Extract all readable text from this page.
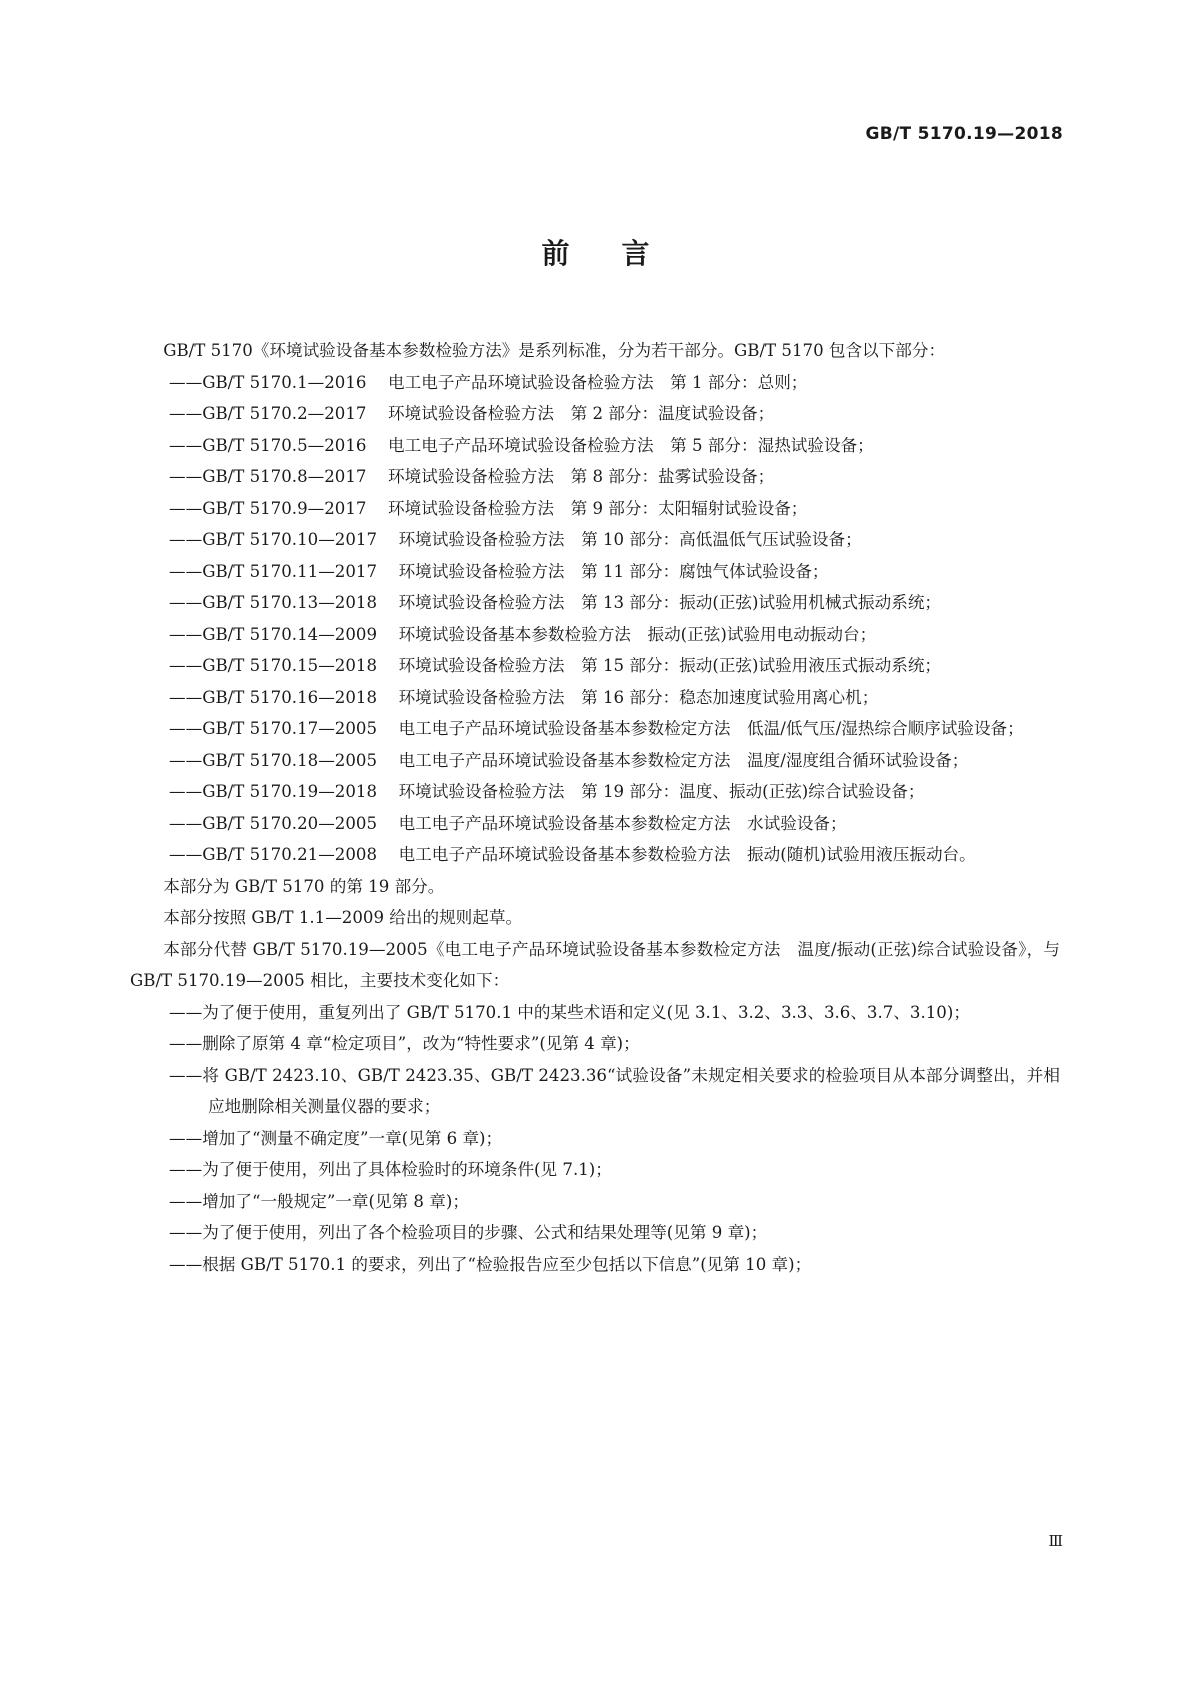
GB/T 5170.19—2018
前言

GB/T 5170《环境试验设备基本参数检验方法》是系列标准，分为若干部分。GB/T 5170 包含以下部分：

——GB/T 5170.1—2016 电工电子产品环境试验设备检验方法　第 1 部分：总则；

——GB/T 5170.2—2017 环境试验设备检验方法　第 2 部分：温度试验设备；

——GB/T 5170.5—2016 电工电子产品环境试验设备检验方法　第 5 部分：湿热试验设备；

——GB/T 5170.8—2017 环境试验设备检验方法　第 8 部分：盐雾试验设备；

——GB/T 5170.9—2017 环境试验设备检验方法　第 9 部分：太阳辐射试验设备；

——GB/T 5170.10—2017 环境试验设备检验方法　第 10 部分：高低温低气压试验设备；

——GB/T 5170.11—2017 环境试验设备检验方法　第 11 部分：腐蚀气体试验设备；

——GB/T 5170.13—2018 环境试验设备检验方法　第 13 部分：振动(正弦)试验用机械式振动系统；

——GB/T 5170.14—2009 环境试验设备基本参数检验方法　振动(正弦)试验用电动振动台；

——GB/T 5170.15—2018 环境试验设备检验方法　第 15 部分：振动(正弦)试验用液压式振动系统；

——GB/T 5170.16—2018 环境试验设备检验方法　第 16 部分：稳态加速度试验用离心机；

——GB/T 5170.17—2005 电工电子产品环境试验设备基本参数检定方法　低温/低气压/湿热综合顺序试验设备；

——GB/T 5170.18—2005 电工电子产品环境试验设备基本参数检定方法　温度/湿度组合循环试验设备；

——GB/T 5170.19—2018 环境试验设备检验方法　第 19 部分：温度、振动(正弦)综合试验设备；

——GB/T 5170.20—2005 电工电子产品环境试验设备基本参数检定方法　水试验设备；

——GB/T 5170.21—2008 电工电子产品环境试验设备基本参数检验方法　振动(随机)试验用液压振动台。

本部分为 GB/T 5170 的第 19 部分。

本部分按照 GB/T 1.1—2009 给出的规则起草。

本部分代替 GB/T 5170.19—2005《电工电子产品环境试验设备基本参数检定方法　温度/振动(正弦)综合试验设备》，与 GB/T 5170.19—2005 相比，主要技术变化如下：

——为了便于使用，重复列出了 GB/T 5170.1 中的某些术语和定义(见 3.1、3.2、3.3、3.6、3.7、3.10)；

——删除了原第 4 章“检定项目”，改为“特性要求”(见第 4 章)；

——将 GB/T 2423.10、GB/T 2423.35、GB/T 2423.36“试验设备”未规定相关要求的检验项目从本部分调整出，并相应地删除相关测量仪器的要求；

——增加了“测量不确定度”一章(见第 6 章)；

——为了便于使用，列出了具体检验时的环境条件(见 7.1)；

——增加了“一般规定”一章(见第 8 章)；

——为了便于使用，列出了各个检验项目的步骤、公式和结果处理等(见第 9 章)；

——根据 GB/T 5170.1 的要求，列出了“检验报告应至少包括以下信息”(见第 10 章)；

Ⅲ
